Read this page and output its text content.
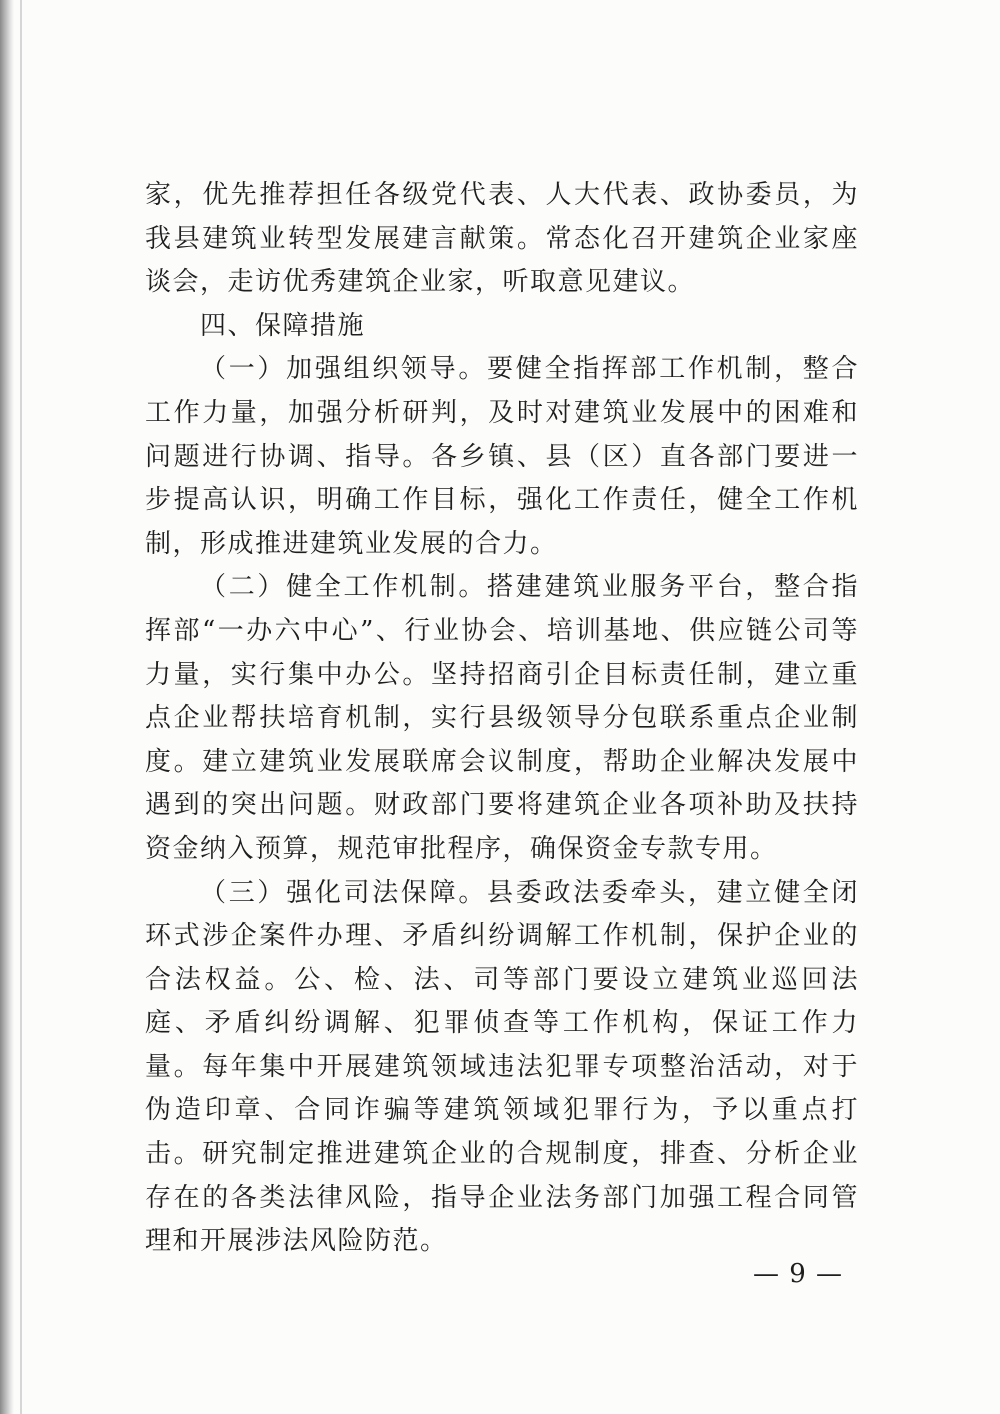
家，优先推荐担任各级党代表、人大代表、政协委员，为我县建筑业转型发展建言献策。常态化召开建筑企业家座谈会，走访优秀建筑企业家，听取意见建议。

四、保障措施

（一）加强组织领导。要健全指挥部工作机制，整合工作力量，加强分析研判，及时对建筑业发展中的困难和问题进行协调、指导。各乡镇、县（区）直各部门要进一步提高认识，明确工作目标，强化工作责任，健全工作机制，形成推进建筑业发展的合力。

（二）健全工作机制。搭建建筑业服务平台，整合指挥部“一办六中心”、行业协会、培训基地、供应链公司等力量，实行集中办公。坚持招商引企目标责任制，建立重点企业帮扶培育机制，实行县级领导分包联系重点企业制度。建立建筑业发展联席会议制度，帮助企业解决发展中遇到的突出问题。财政部门要将建筑企业各项补助及扶持资金纳入预算，规范审批程序，确保资金专款专用。

（三）强化司法保障。县委政法委牵头，建立健全闭环式涉企案件办理、矛盾纠纷调解工作机制，保护企业的合法权益。公、检、法、司等部门要设立建筑业巡回法庭、矛盾纠纷调解、犯罪侦查等工作机构，保证工作力量。每年集中开展建筑领域违法犯罪专项整治活动，对于伪造印章、合同诈骗等建筑领域犯罪行为，予以重点打击。研究制定推进建筑企业的合规制度，排查、分析企业存在的各类法律风险，指导企业法务部门加强工程合同管理和开展涉法风险防范。

— 9 —
